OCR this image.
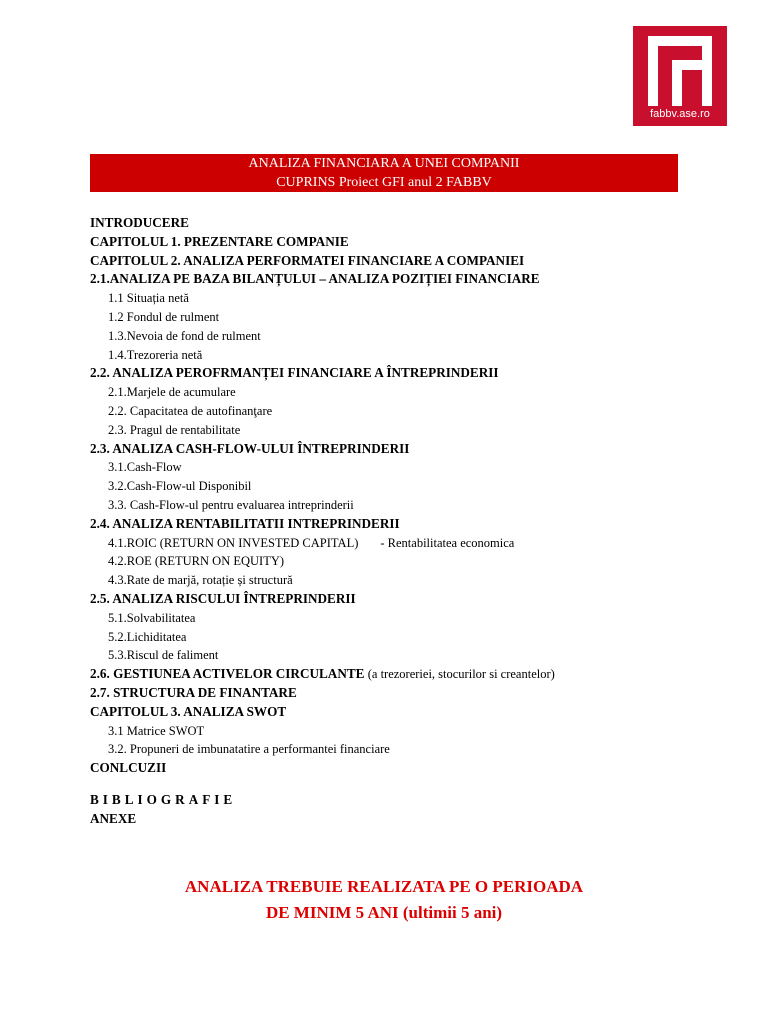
fabbv.ase.ro
ANALIZA FINANCIARA A UNEI COMPANII
CUPRINS Proiect GFI anul 2 FABBV
INTRODUCERE
CAPITOLUL 1. PREZENTARE COMPANIE
CAPITOLUL 2. ANALIZA PERFORMATEI FINANCIARE A COMPANIEI
2.1.ANALIZA PE BAZA BILANȚULUI – ANALIZA POZIȚIEI FINANCIARE
1.1 Situația netă
1.2 Fondul de rulment
1.3.Nevoia de fond de rulment
1.4.Trezoreria netă
2.2. ANALIZA PEROFRMANȚEI FINANCIARE A ÎNTREPRINDERII
2.1.Marjele de acumulare
2.2. Capacitatea de autofinanţare
2.3. Pragul de rentabilitate
2.3. ANALIZA CASH-FLOW-ULUI ÎNTREPRINDERII
3.1.Cash-Flow
3.2.Cash-Flow-ul Disponibil
3.3. Cash-Flow-ul pentru evaluarea intreprinderii
2.4. ANALIZA RENTABILITATII INTREPRINDERII
4.1.ROIC (RETURN ON INVESTED CAPITAL) - Rentabilitatea economica
4.2.ROE (RETURN ON EQUITY)
4.3.Rate de marjă, rotație și structură
2.5. ANALIZA RISCULUI ÎNTREPRINDERII
5.1.Solvabilitatea
5.2.Lichiditatea
5.3.Riscul de faliment
2.6. GESTIUNEA ACTIVELOR CIRCULANTE (a trezoreriei, stocurilor si creantelor)
2.7. STRUCTURA DE FINANTARE
CAPITOLUL 3. ANALIZA SWOT
3.1 Matrice SWOT
3.2. Propuneri de imbunatatire a performantei financiare
CONLCUZII
BIBLIOGRAFIE
ANEXE
ANALIZA TREBUIE REALIZATA PE O PERIOADA
DE MINIM 5 ANI (ultimii 5 ani)
